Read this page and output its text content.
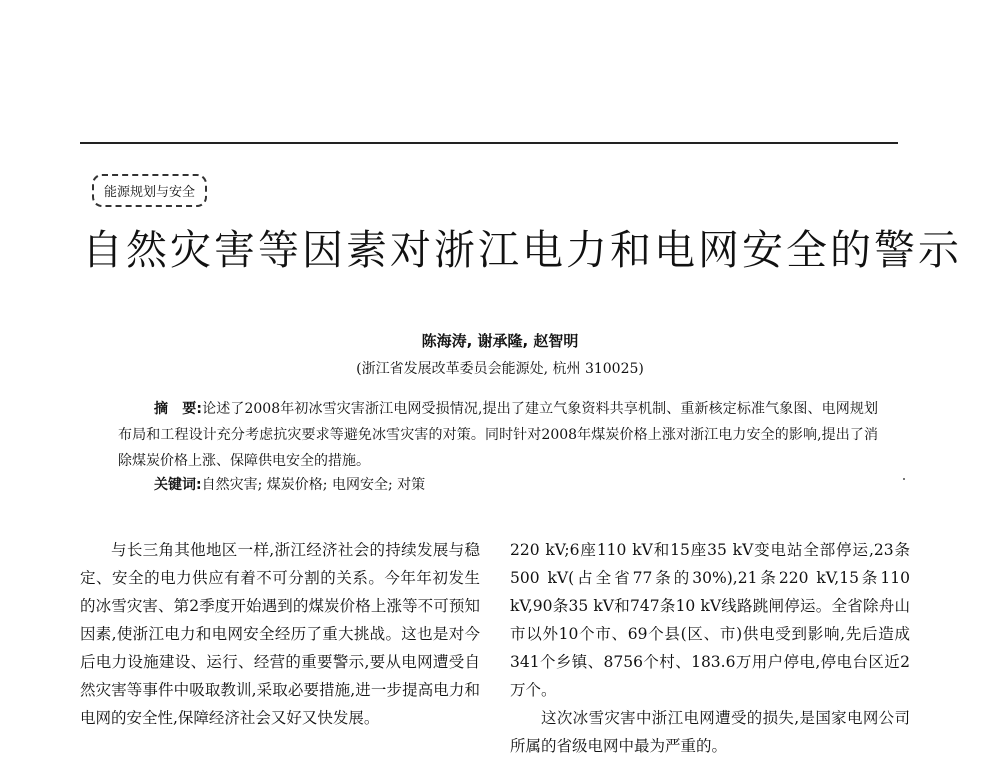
能源规划与安全
自然灾害等因素对浙江电力和电网安全的警示
陈海涛, 谢承隆, 赵智明
(浙江省发展改革委员会能源处, 杭州 310025)

摘　要:论述了2008年初冰雪灾害浙江电网受损情况,提出了建立气象资料共享机制、重新核定标准气象图、电网规划布局和工程设计充分考虑抗灾要求等避免冰雪灾害的对策。同时针对2008年煤炭价格上涨对浙江电力安全的影响,提出了消除煤炭价格上涨、保障供电安全的措施。

关键词:自然灾害; 煤炭价格; 电网安全; 对策

与长三角其他地区一样,浙江经济社会的持续发展与稳定、安全的电力供应有着不可分割的关系。今年年初发生的冰雪灾害、第2季度开始遇到的煤炭价格上涨等不可预知因素,使浙江电力和电网安全经历了重大挑战。这也是对今后电力设施建设、运行、经营的重要警示,要从电网遭受自然灾害等事件中吸取教训,采取必要措施,进一步提高电力和电网的安全性,保障经济社会又好又快发展。

220 kV;6座110 kV和15座35 kV变电站全部停运,23条500 kV(占全省77条的30%),21条220 kV,15条110 kV,90条35 kV和747条10 kV线路跳闸停运。全省除舟山市以外10个市、69个县(区、市)供电受到影响,先后造成341个乡镇、8756个村、183.6万用户停电,停电台区近2万个。

这次冰雪灾害中浙江电网遭受的损失,是国家电网公司所属的省级电网中最为严重的。
